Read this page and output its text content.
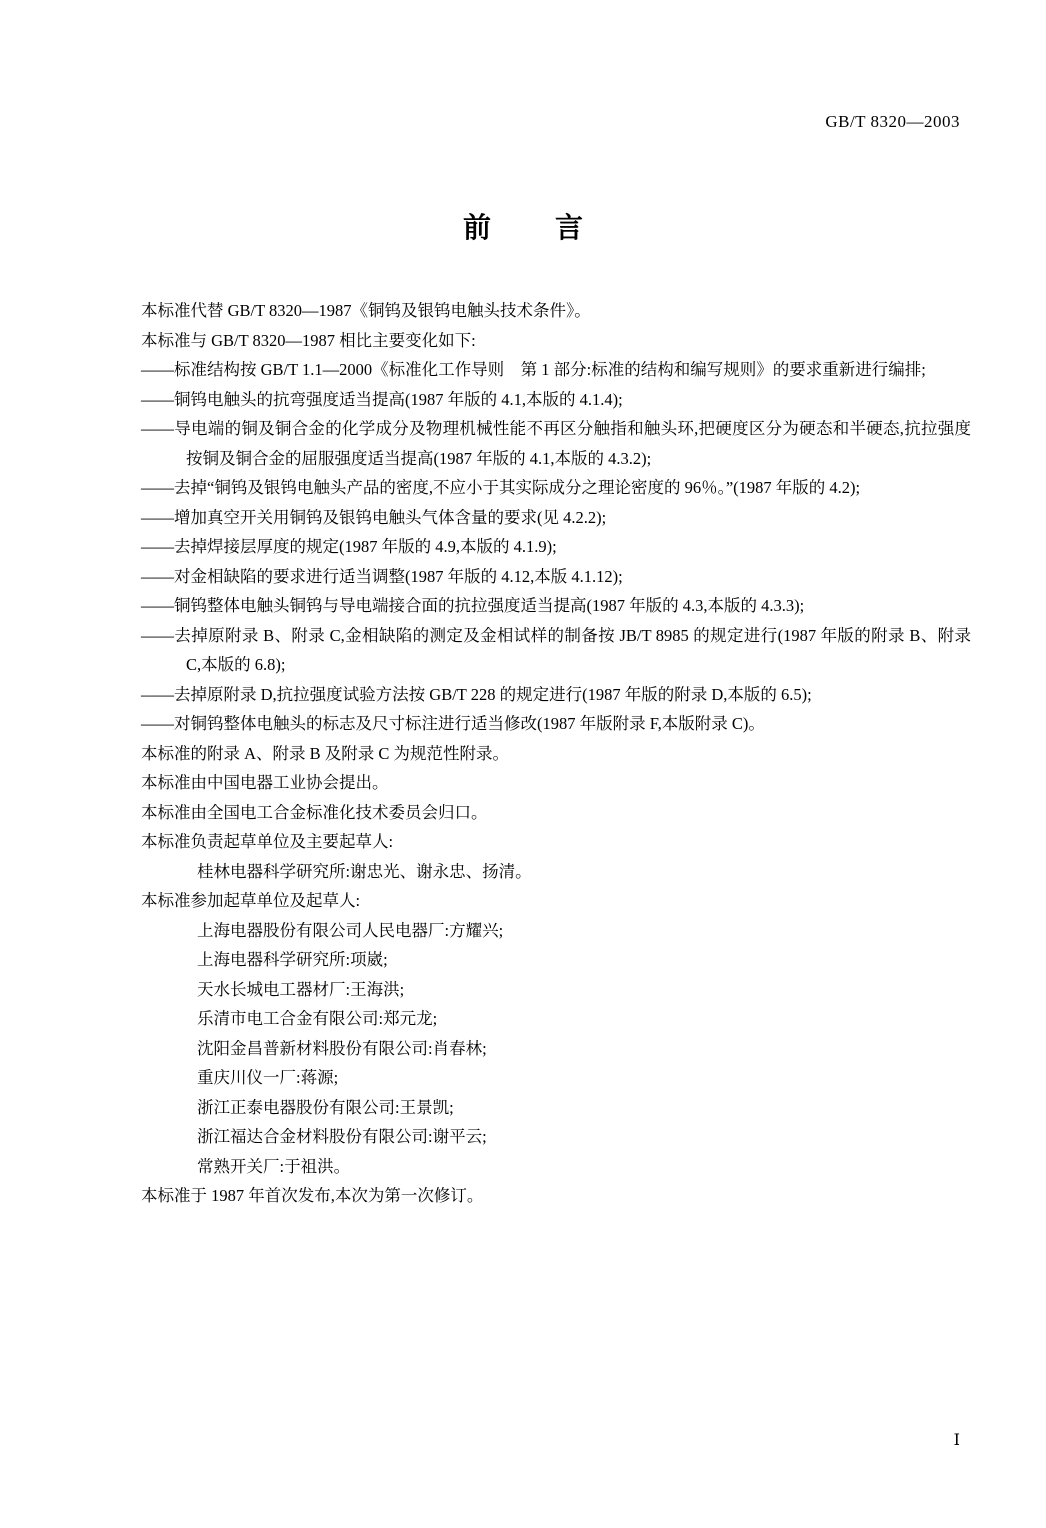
GB/T 8320—2003
前　言

本标准代替 GB/T 8320—1987《铜钨及银钨电触头技术条件》。

本标准与 GB/T 8320—1987 相比主要变化如下:

——标准结构按 GB/T 1.1—2000《标准化工作导则　第 1 部分:标准的结构和编写规则》的要求重新进行编排;

——铜钨电触头的抗弯强度适当提高(1987 年版的 4.1,本版的 4.1.4);

——导电端的铜及铜合金的化学成分及物理机械性能不再区分触指和触头环,把硬度区分为硬态和半硬态,抗拉强度按铜及铜合金的屈服强度适当提高(1987 年版的 4.1,本版的 4.3.2);

——去掉“铜钨及银钨电触头产品的密度,不应小于其实际成分之理论密度的 96％。”(1987 年版的 4.2);

——增加真空开关用铜钨及银钨电触头气体含量的要求(见 4.2.2);

——去掉焊接层厚度的规定(1987 年版的 4.9,本版的 4.1.9);

——对金相缺陷的要求进行适当调整(1987 年版的 4.12,本版 4.1.12);

——铜钨整体电触头铜钨与导电端接合面的抗拉强度适当提高(1987 年版的 4.3,本版的 4.3.3);

——去掉原附录 B、附录 C,金相缺陷的测定及金相试样的制备按 JB/T 8985 的规定进行(1987 年版的附录 B、附录 C,本版的 6.8);

——去掉原附录 D,抗拉强度试验方法按 GB/T 228 的规定进行(1987 年版的附录 D,本版的 6.5);

——对铜钨整体电触头的标志及尺寸标注进行适当修改(1987 年版附录 F,本版附录 C)。

本标准的附录 A、附录 B 及附录 C 为规范性附录。

本标准由中国电器工业协会提出。

本标准由全国电工合金标准化技术委员会归口。

本标准负责起草单位及主要起草人:

桂林电器科学研究所:谢忠光、谢永忠、扬清。

本标准参加起草单位及起草人:

上海电器股份有限公司人民电器厂:方耀兴;

上海电器科学研究所:项崴;

天水长城电工器材厂:王海洪;

乐清市电工合金有限公司:郑元龙;

沈阳金昌普新材料股份有限公司:肖春林;

重庆川仪一厂:蒋源;

浙江正泰电器股份有限公司:王景凯;

浙江福达合金材料股份有限公司:谢平云;

常熟开关厂:于祖洪。

本标准于 1987 年首次发布,本次为第一次修订。

Ⅰ
